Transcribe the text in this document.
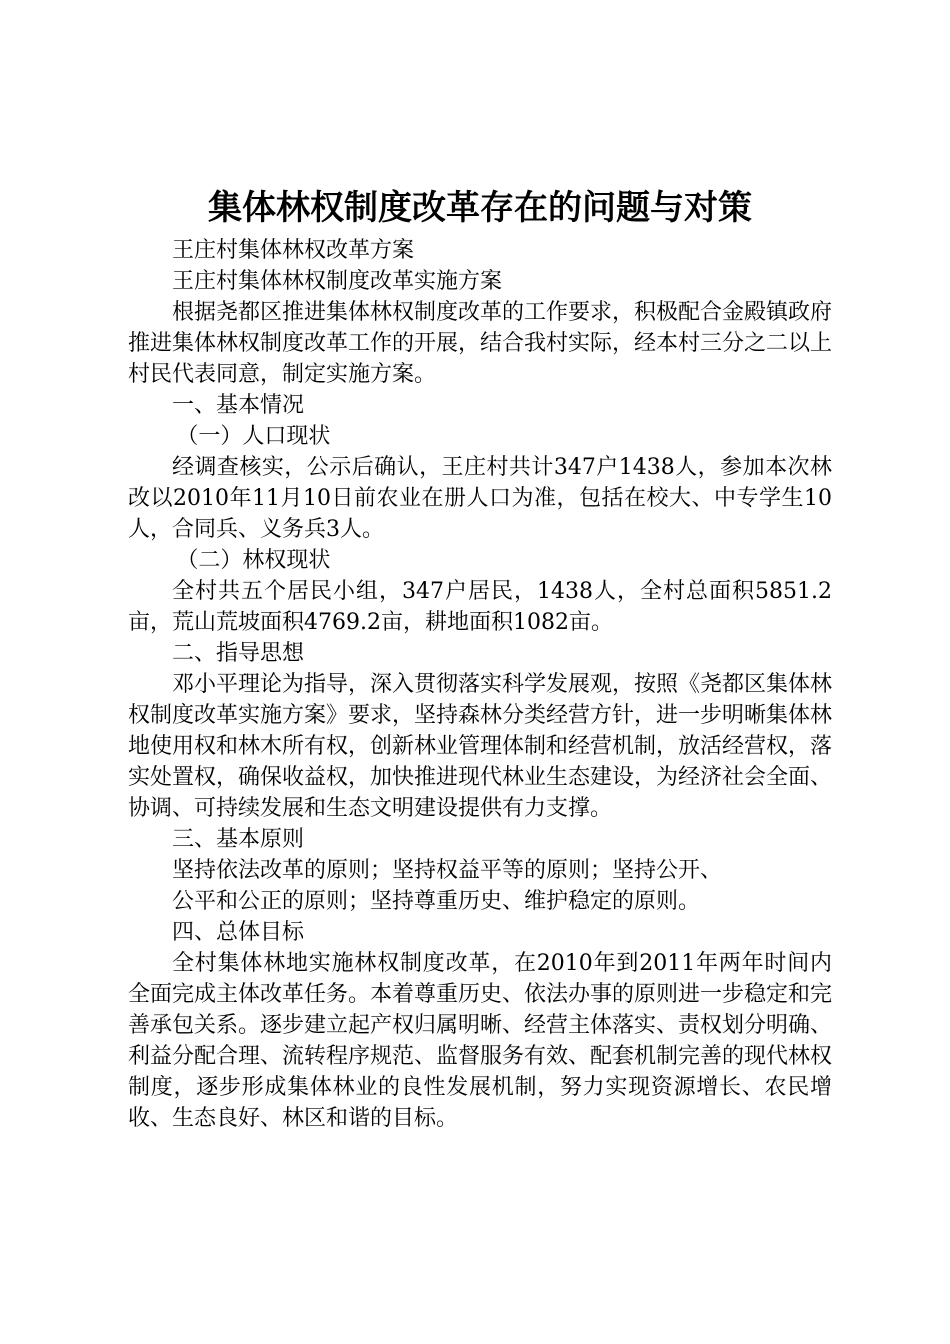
集体林权制度改革存在的问题与对策

王庄村集体林权改革方案

王庄村集体林权制度改革实施方案

根据尧都区推进集体林权制度改革的工作要求，积极配合金殿镇政府推进集体林权制度改革工作的开展，结合我村实际，经本村三分之二以上村民代表同意，制定实施方案。

一、基本情况

（一）人口现状

经调查核实，公示后确认，王庄村共计347户1438人，参加本次林改以2010年11月10日前农业在册人口为准，包括在校大、中专学生10人，合同兵、义务兵3人。

（二）林权现状

全村共五个居民小组，347户居民，1438人，全村总面积5851.2亩，荒山荒坡面积4769.2亩，耕地面积1082亩。

二、指导思想

邓小平理论为指导，深入贯彻落实科学发展观，按照《尧都区集体林权制度改革实施方案》要求，坚持森林分类经营方针，进一步明晰集体林地使用权和林木所有权，创新林业管理体制和经营机制，放活经营权，落实处置权，确保收益权，加快推进现代林业生态建设，为经济社会全面、协调、可持续发展和生态文明建设提供有力支撑。

三、基本原则

坚持依法改革的原则；坚持权益平等的原则；坚持公开、

公平和公正的原则；坚持尊重历史、维护稳定的原则。

四、总体目标

全村集体林地实施林权制度改革，在2010年到2011年两年时间内全面完成主体改革任务。本着尊重历史、依法办事的原则进一步稳定和完善承包关系。逐步建立起产权归属明晰、经营主体落实、责权划分明确、利益分配合理、流转程序规范、监督服务有效、配套机制完善的现代林权制度，逐步形成集体林业的良性发展机制，努力实现资源增长、农民增收、生态良好、林区和谐的目标。
